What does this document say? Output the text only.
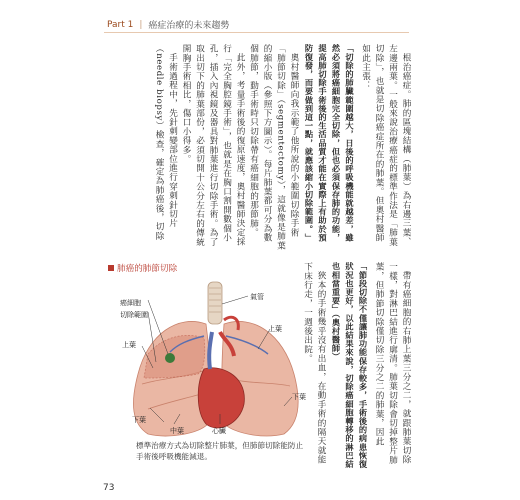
Part 1 | 癌症治療的未來趨勢
根治癌症。肺的區塊結構（肺葉）為右邊三葉、左邊兩葉。一般來說治療癌症的標準作法是「肺葉切除」，也就是切除癌症所在的肺葉。但奧村醫師如此主張：
「切除的肺臟範圍越大，日後的呼吸機能就越差，雖然必須將癌細胞完全切除，但也必須保存肺的功能，提高肺切除手術後的生活品質才能在實際上有助於預防復發，而要做到這一點，就應該縮小切除範圍。」
奧村醫師向我示範了他所說的小範圍切除手術「肺節切除」（segmentectomy），這就像是肺葉的縮小版（參照下方圖示）。每片肺葉都可分為數個肺節，動手術時只切除帶有癌細胞的那節肺。
此外，考量手術後的復原速度，奧村醫師決定採行「完全胸腔鏡手術」，也就是在胸口割開數個小孔，插入內視鏡及器具對肺葉進行切除手術。為了取出切下的肺葉部份，必須切開十公分左右的傳統開胸手術相比，傷口小得多。
手術過程中，先針刺變部位進行穿刺針切片（needle biopsy）檢查，確定為肺癌後，切除
帶有癌細胞的右肺上葉三分之二，就跟肺葉切除一樣，對淋巴結進行廓清。肺葉切除會切掉整片肺葉，但肺節切除僅切除三分之二的肺葉，因此
「節段切除不僅讓肺功能保存較多，手術後的病患恢復狀況也更好，以此結果來說，切除癌細胞轉移的淋巴結也相當重要」（奧村醫師）
狹本的手術幾乎沒有出血，在動手術的隔天就能下床行走，一週後出院。
肺癌的肺節切除
癌細胞
切除範圍
氣管
上葉
上葉
下葉
下葉
中葉	心臟
標準治療方式為切除整片肺葉，但肺節切除能防止手術後呼吸機能減退。
73
